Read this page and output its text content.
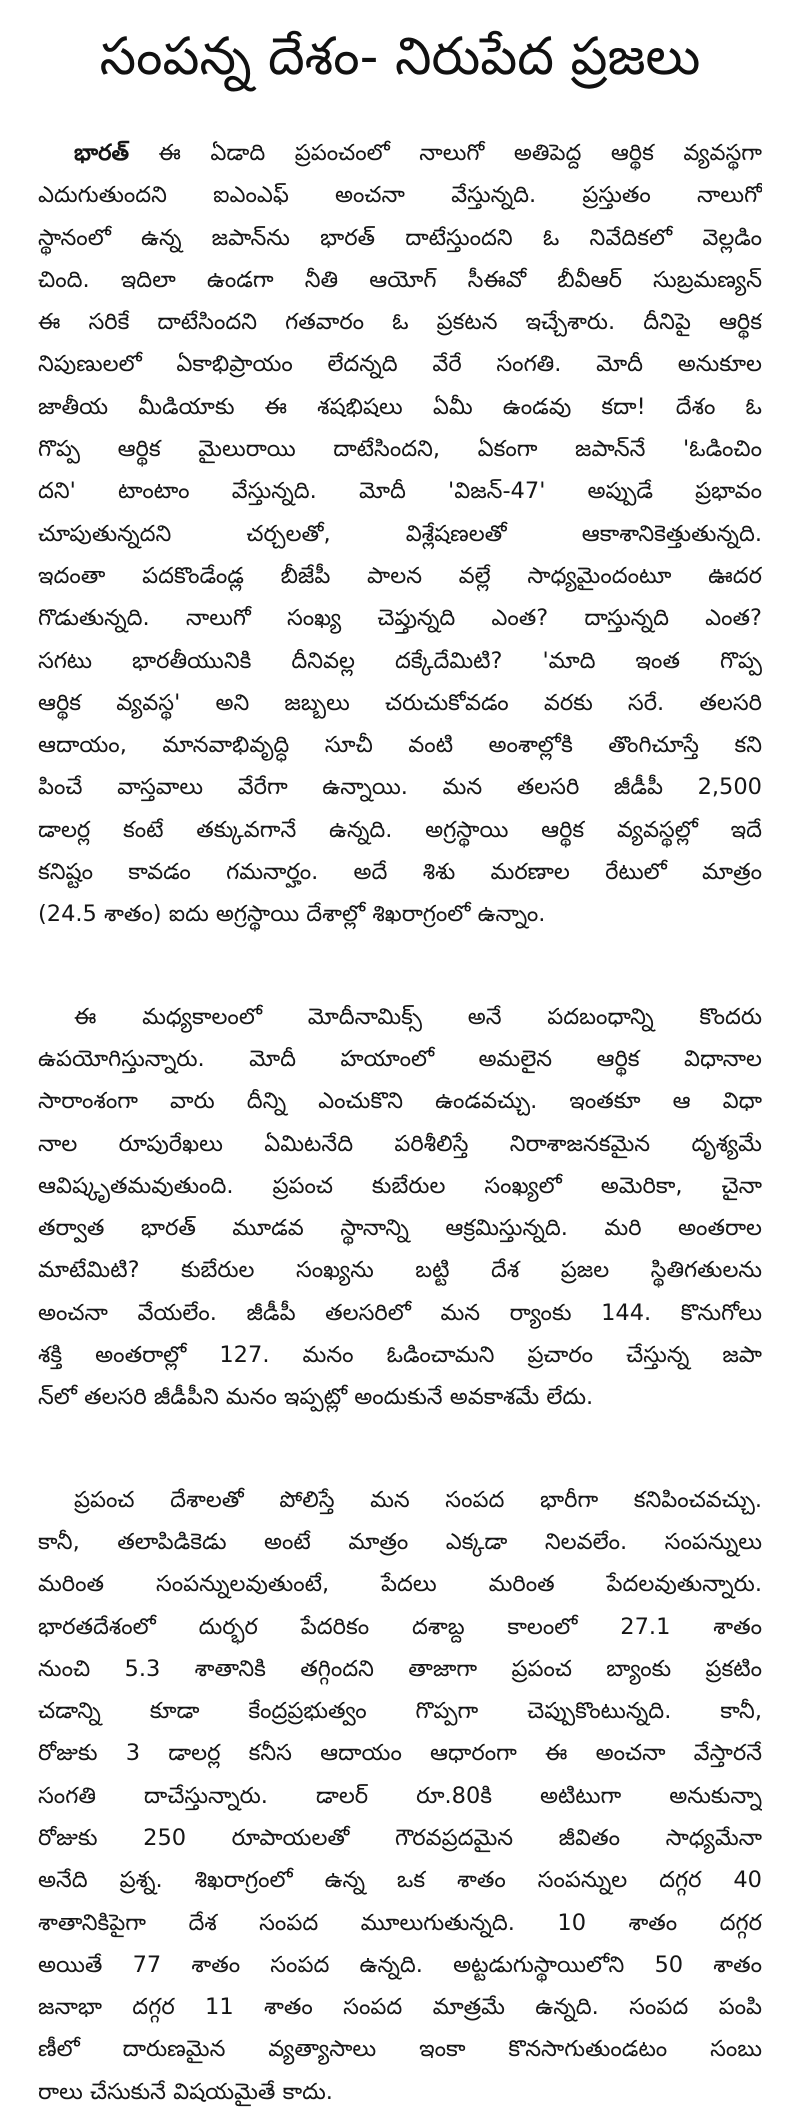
సంపన్న దేశం- నిరుపేద ప్రజలు
భారత్ ఈ ఏడాది ప్రపంచంలో నాలుగో అతిపెద్ద ఆర్థిక వ్యవస్థగా
ఎదుగుతుందని ఐఎంఎఫ్ అంచనా వేస్తున్నది. ప్రస్తుతం నాలుగో
స్థానంలో ఉన్న జపాన్‌ను భారత్ దాటేస్తుందని ఓ నివేదికలో వెల్లడిం
చింది. ఇదిలా ఉండగా నీతి ఆయోగ్ సీఈవో బీవీఆర్ సుబ్రమణ్యన్
ఈ సరికే దాటేసిందని గతవారం ఓ ప్రకటన ఇచ్చేశారు. దీనిపై ఆర్థిక
నిపుణులలో ఏకాభిప్రాయం లేదన్నది వేరే సంగతి. మోదీ అనుకూల
జాతీయ మీడియాకు ఈ శషభిషలు ఏమీ ఉండవు కదా! దేశం ఓ
గొప్ప ఆర్థిక మైలురాయి దాటేసిందని, ఏకంగా జపాన్‌నే 'ఓడించిం
దని' టాంటాం వేస్తున్నది. మోదీ 'విజన్-47' అప్పుడే ప్రభావం
చూపుతున్నదని చర్చలతో, విశ్లేషణలతో ఆకాశానికెత్తుతున్నది.
ఇదంతా పదకొండేండ్ల బీజేపీ పాలన వల్లే సాధ్యమైందంటూ ఊదర
గొడుతున్నది. నాలుగో సంఖ్య చెప్తున్నది ఎంత? దాస్తున్నది ఎంత?
సగటు భారతీయునికి దీనివల్ల దక్కేదేమిటి? 'మాది ఇంత గొప్ప
ఆర్థిక వ్యవస్థ' అని జబ్బలు చరుచుకోవడం వరకు సరే. తలసరి
ఆదాయం, మానవాభివృద్ధి సూచీ వంటి అంశాల్లోకి తొంగిచూస్తే కని
పించే వాస్తవాలు వేరేగా ఉన్నాయి. మన తలసరి జీడీపీ 2,500
డాలర్ల కంటే తక్కువగానే ఉన్నది. అగ్రస్థాయి ఆర్థిక వ్యవస్థల్లో ఇదే
కనిష్టం కావడం గమనార్హం. అదే శిశు మరణాల రేటులో మాత్రం
(24.5 శాతం) ఐదు అగ్రస్థాయి దేశాల్లో శిఖరాగ్రంలో ఉన్నాం.
ఈ మధ్యకాలంలో మోదీనామిక్స్ అనే పదబంధాన్ని కొందరు
ఉపయోగిస్తున్నారు. మోదీ హయాంలో అమలైన ఆర్థిక విధానాల
సారాంశంగా వారు దీన్ని ఎంచుకొని ఉండవచ్చు. ఇంతకూ ఆ విధా
నాల రూపురేఖలు ఏమిటనేది పరిశీలిస్తే నిరాశాజనకమైన దృశ్యమే
ఆవిష్కృతమవుతుంది. ప్రపంచ కుబేరుల సంఖ్యలో అమెరికా, చైనా
తర్వాత భారత్ మూడవ స్థానాన్ని ఆక్రమిస్తున్నది. మరి అంతరాల
మాటేమిటి? కుబేరుల సంఖ్యను బట్టి దేశ ప్రజల స్థితిగతులను
అంచనా వేయలేం. జీడీపీ తలసరిలో మన ర్యాంకు 144. కొనుగోలు
శక్తి అంతరాల్లో 127. మనం ఓడించామని ప్రచారం చేస్తున్న జపా
న్‌లో తలసరి జీడీపీని మనం ఇప్పట్లో అందుకునే అవకాశమే లేదు.
ప్రపంచ దేశాలతో పోలిస్తే మన సంపద భారీగా కనిపించవచ్చు.
కానీ, తలాపిడికెడు అంటే మాత్రం ఎక్కడా నిలవలేం. సంపన్నులు
మరింత సంపన్నులవుతుంటే, పేదలు మరింత పేదలవుతున్నారు.
భారతదేశంలో దుర్భర పేదరికం దశాబ్ద కాలంలో 27.1 శాతం
నుంచి 5.3 శాతానికి తగ్గిందని తాజాగా ప్రపంచ బ్యాంకు ప్రకటిం
చడాన్ని కూడా కేంద్రప్రభుత్వం గొప్పగా చెప్పుకొంటున్నది. కానీ,
రోజుకు 3 డాలర్ల కనీస ఆదాయం ఆధారంగా ఈ అంచనా వేస్తారనే
సంగతి దాచేస్తున్నారు. డాలర్ రూ.80కి అటిటుగా అనుకున్నా
రోజుకు 250 రూపాయలతో గౌరవప్రదమైన జీవితం సాధ్యమేనా
అనేది ప్రశ్న. శిఖరాగ్రంలో ఉన్న ఒక శాతం సంపన్నుల దగ్గర 40
శాతానికిపైగా దేశ సంపద మూలుగుతున్నది. 10 శాతం దగ్గర
అయితే 77 శాతం సంపద ఉన్నది. అట్టడుగుస్థాయిలోని 50 శాతం
జనాభా దగ్గర 11 శాతం సంపద మాత్రమే ఉన్నది. సంపద పంపి
ణీలో దారుణమైన వ్యత్యాసాలు ఇంకా కొనసాగుతుండటం సంబు
రాలు చేసుకునే విషయమైతే కాదు.
